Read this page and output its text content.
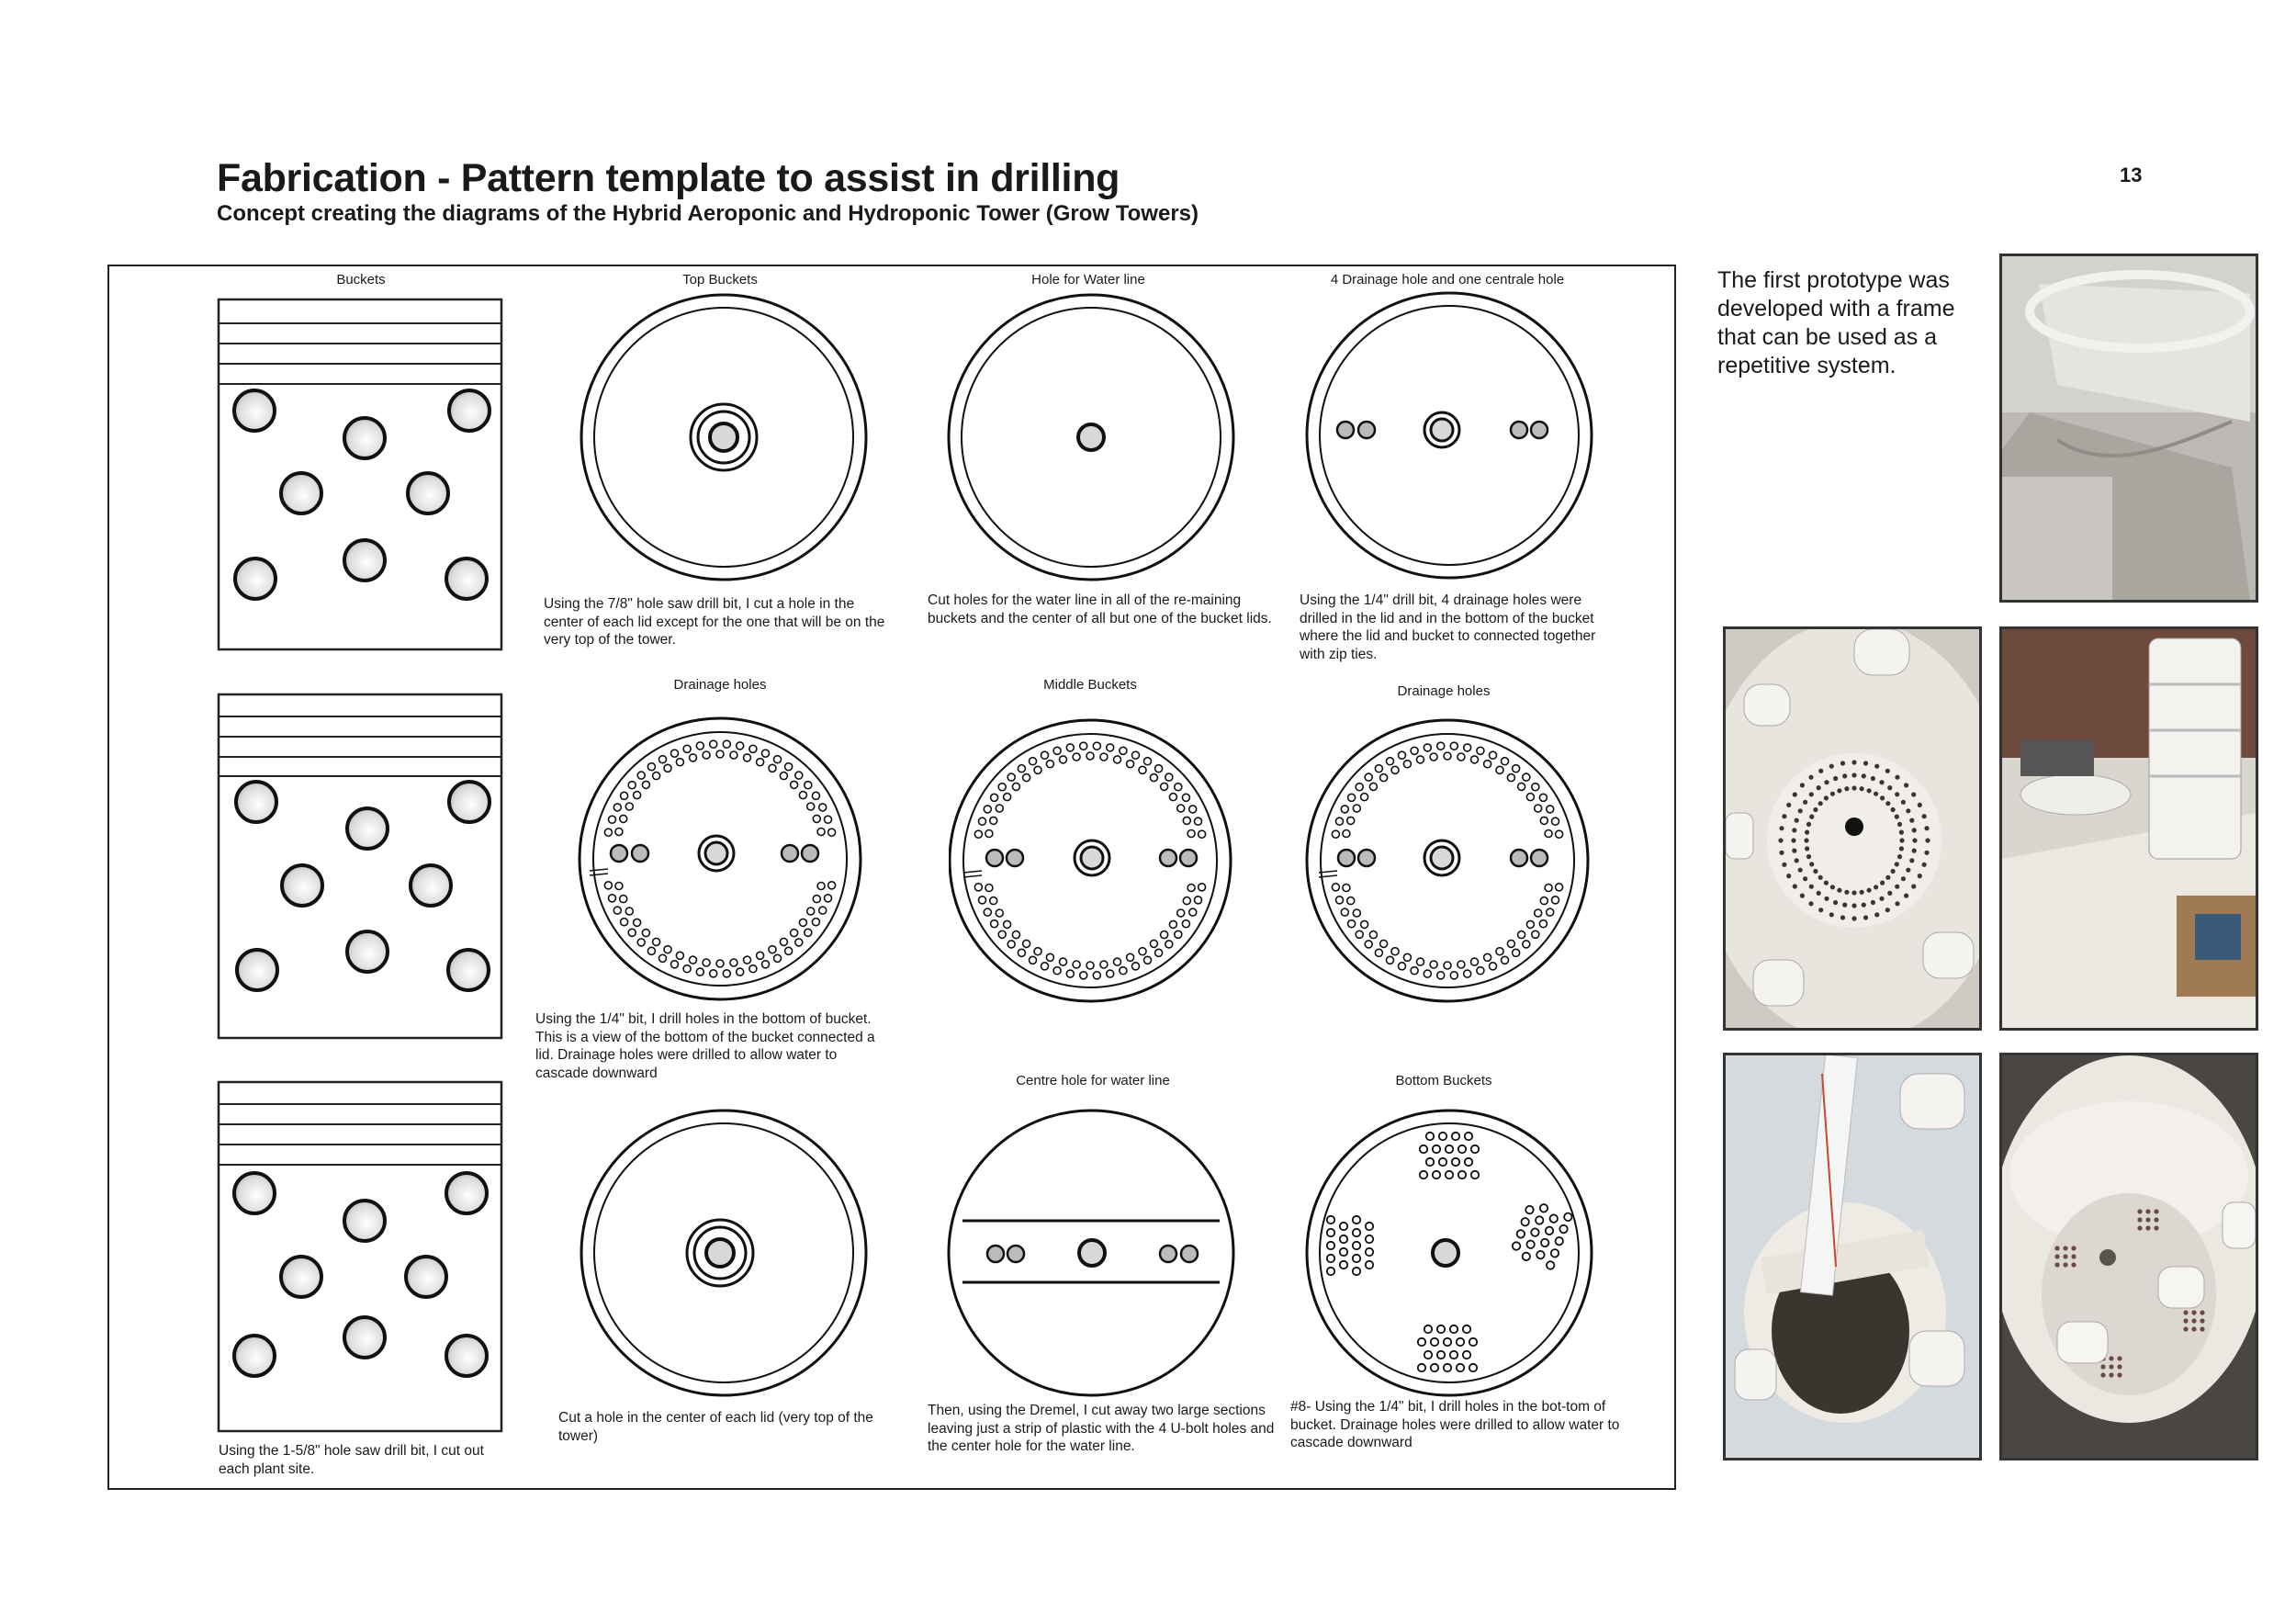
Fabrication - Pattern template to assist in drilling
Concept creating the diagrams of the Hybrid Aeroponic and Hydroponic Tower (Grow Towers)
13
Buckets
Using the 1-5/8" hole saw drill bit, I cut out each plant site.
Top Buckets
Using the 7/8" hole saw drill bit, I cut a hole in the center of each lid except for the one that will be on the very top of the tower.
Drainage holes
Using the 1/4" bit, I drill holes in the bottom of bucket. This is a view of the bottom of the bucket connected a lid. Drainage holes were drilled to allow water to cascade downward
Cut a hole in the center of each lid (very top of the tower)
Hole for Water line
Cut holes for the water line in all of the re-maining buckets and the center of all but one of the bucket lids.
Middle Buckets
Centre hole for water line
Then, using the Dremel, I cut away two large sections leaving just a strip of plastic with the 4 U-bolt holes and the center hole for the water line.
4 Drainage hole and one centrale hole
Using the 1/4" drill bit, 4 drainage holes were drilled in the lid and in the bottom of the bucket where the lid and bucket to connected together with zip ties.
Drainage holes
Bottom Buckets
#8- Using the 1/4" bit, I drill holes in the bot-tom of bucket. Drainage holes were drilled to allow water to cascade downward
The first prototype was developed with a frame that can be used as a repetitive system.
